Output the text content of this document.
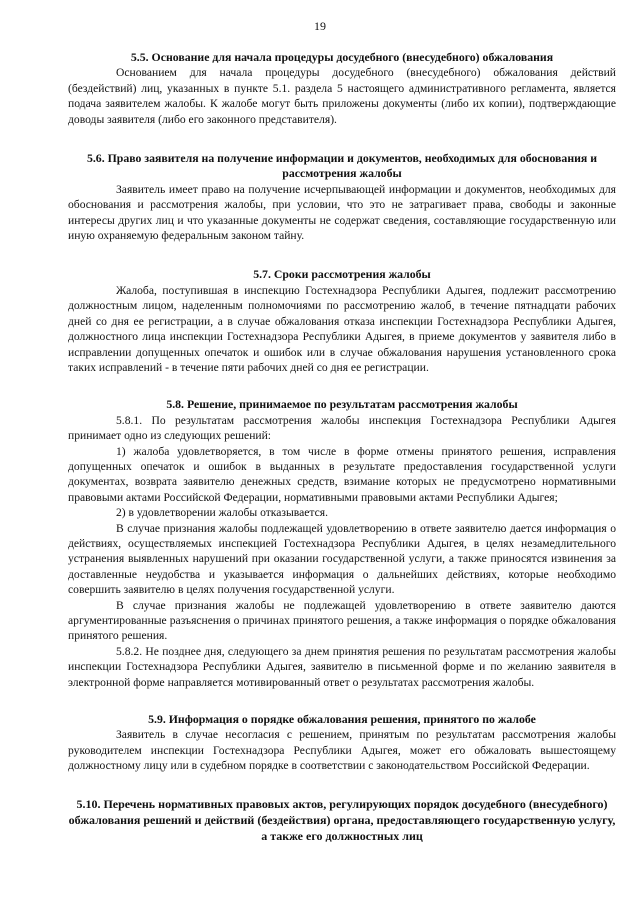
19
5.5. Основание для начала процедуры досудебного (внесудебного) обжалования

Основанием для начала процедуры досудебного (внесудебного) обжалования действий (бездействий) лиц, указанных в пункте 5.1. раздела 5 настоящего административного регламента, является подача заявителем жалобы. К жалобе могут быть приложены документы (либо их копии), подтверждающие доводы заявителя (либо его законного представителя).

5.6. Право заявителя на получение информации и документов, необходимых для обоснования и рассмотрения жалобы

Заявитель имеет право на получение исчерпывающей информации и документов, необходимых для обоснования и рассмотрения жалобы, при условии, что это не затрагивает права, свободы и законные интересы других лиц и что указанные документы не содержат сведения, составляющие государственную или иную охраняемую федеральным законом тайну.

5.7. Сроки рассмотрения жалобы

Жалоба, поступившая в инспекцию Гостехнадзора Республики Адыгея, подлежит рассмотрению должностным лицом, наделенным полномочиями по рассмотрению жалоб, в течение пятнадцати рабочих дней со дня ее регистрации, а в случае обжалования отказа инспекции Гостехнадзора Республики Адыгея, должностного лица инспекции Гостехнадзора Республики Адыгея, в приеме документов у заявителя либо в исправлении допущенных опечаток и ошибок или в случае обжалования нарушения установленного срока таких исправлений - в течение пяти рабочих дней со дня ее регистрации.

5.8. Решение, принимаемое по результатам рассмотрения жалобы

5.8.1. По результатам рассмотрения жалобы инспекция Гостехнадзора Республики Адыгея принимает одно из следующих решений:

1) жалоба удовлетворяется, в том числе в форме отмены принятого решения, исправления допущенных опечаток и ошибок в выданных в результате предоставления государственной услуги документах, возврата заявителю денежных средств, взимание которых не предусмотрено нормативными правовыми актами Российской Федерации, нормативными правовыми актами Республики Адыгея;

2) в удовлетворении жалобы отказывается.

В случае признания жалобы подлежащей удовлетворению в ответе заявителю дается информация о действиях, осуществляемых инспекцией Гостехнадзора Республики Адыгея, в целях незамедлительного устранения выявленных нарушений при оказании государственной услуги, а также приносятся извинения за доставленные неудобства и указывается информация о дальнейших действиях, которые необходимо совершить заявителю в целях получения государственной услуги.

В случае признания жалобы не подлежащей удовлетворению в ответе заявителю даются аргументированные разъяснения о причинах принятого решения, а также информация о порядке обжалования принятого решения.

5.8.2. Не позднее дня, следующего за днем принятия решения по результатам рассмотрения жалобы инспекции Гостехнадзора Республики Адыгея, заявителю в письменной форме и по желанию заявителя в электронной форме направляется мотивированный ответ о результатах рассмотрения жалобы.

5.9. Информация о порядке обжалования решения, принятого по жалобе

Заявитель в случае несогласия с решением, принятым по результатам рассмотрения жалобы руководителем инспекции Гостехнадзора Республики Адыгея, может его обжаловать вышестоящему должностному лицу или в судебном порядке в соответствии с законодательством Российской Федерации.

5.10. Перечень нормативных правовых актов, регулирующих порядок досудебного (внесудебного) обжалования решений и действий (бездействия) органа, предоставляющего государственную услугу, а также его должностных лиц
